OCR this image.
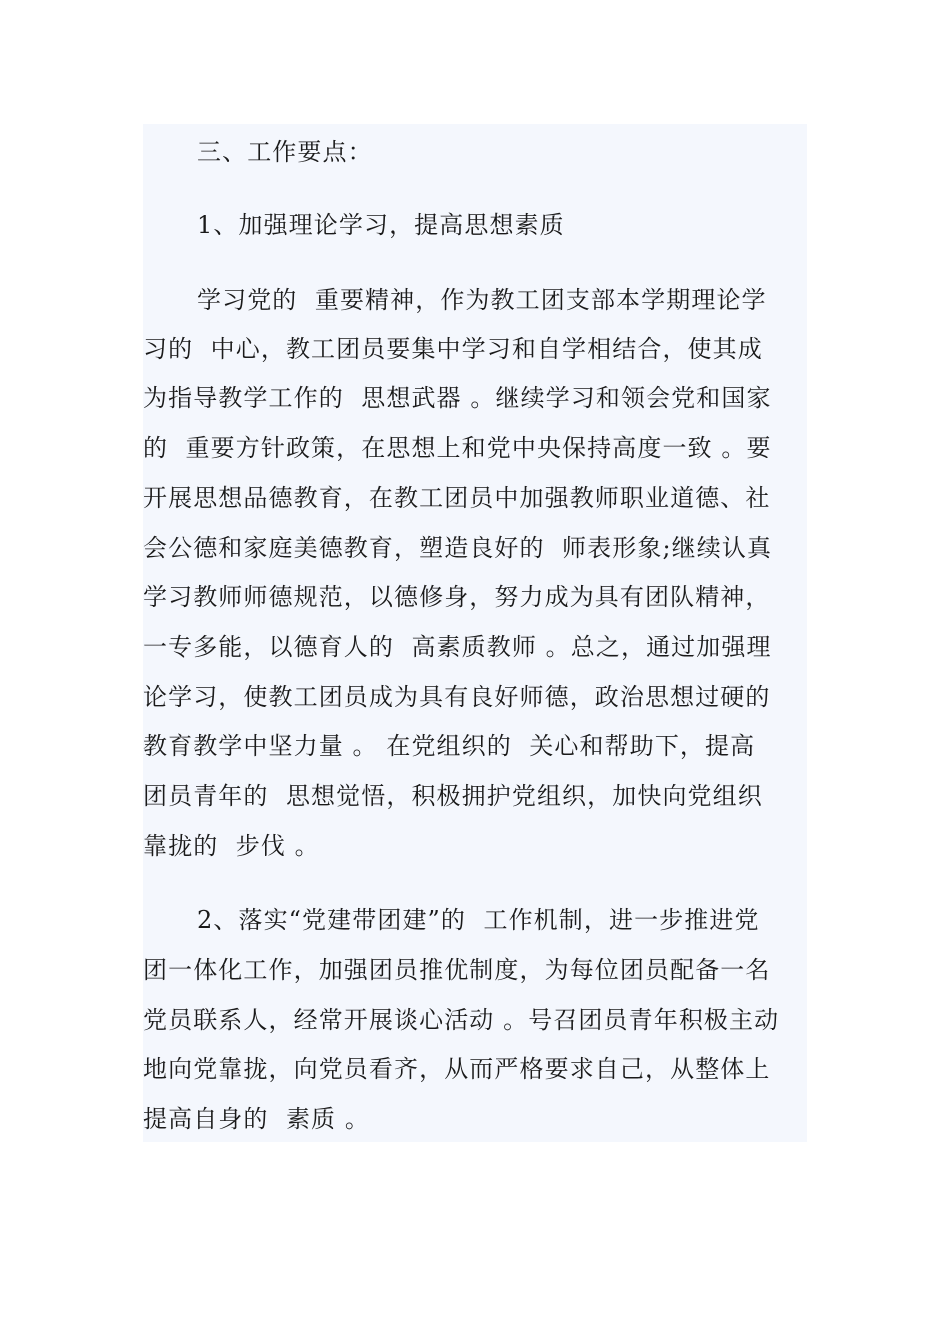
三、工作要点：
1、加强理论学习，提高思想素质
学习党的  重要精神，作为教工团支部本学期理论学
习的  中心，教工团员要集中学习和自学相结合，使其成
为指导教学工作的  思想武器 。继续学习和领会党和国家
的  重要方针政策，在思想上和党中央保持高度一致 。要
开展思想品德教育，在教工团员中加强教师职业道德、社
会公德和家庭美德教育，塑造良好的  师表形象;继续认真
学习教师师德规范，以德修身，努力成为具有团队精神，
一专多能，以德育人的  高素质教师 。总之，通过加强理
论学习，使教工团员成为具有良好师德，政治思想过硬的
教育教学中坚力量 。 在党组织的  关心和帮助下，提高
团员青年的  思想觉悟，积极拥护党组织，加快向党组织
靠拢的  步伐 。
2、落实“党建带团建”的  工作机制，进一步推进党
团一体化工作，加强团员推优制度，为每位团员配备一名
党员联系人，经常开展谈心活动 。号召团员青年积极主动
地向党靠拢，向党员看齐，从而严格要求自己，从整体上
提高自身的  素质 。
